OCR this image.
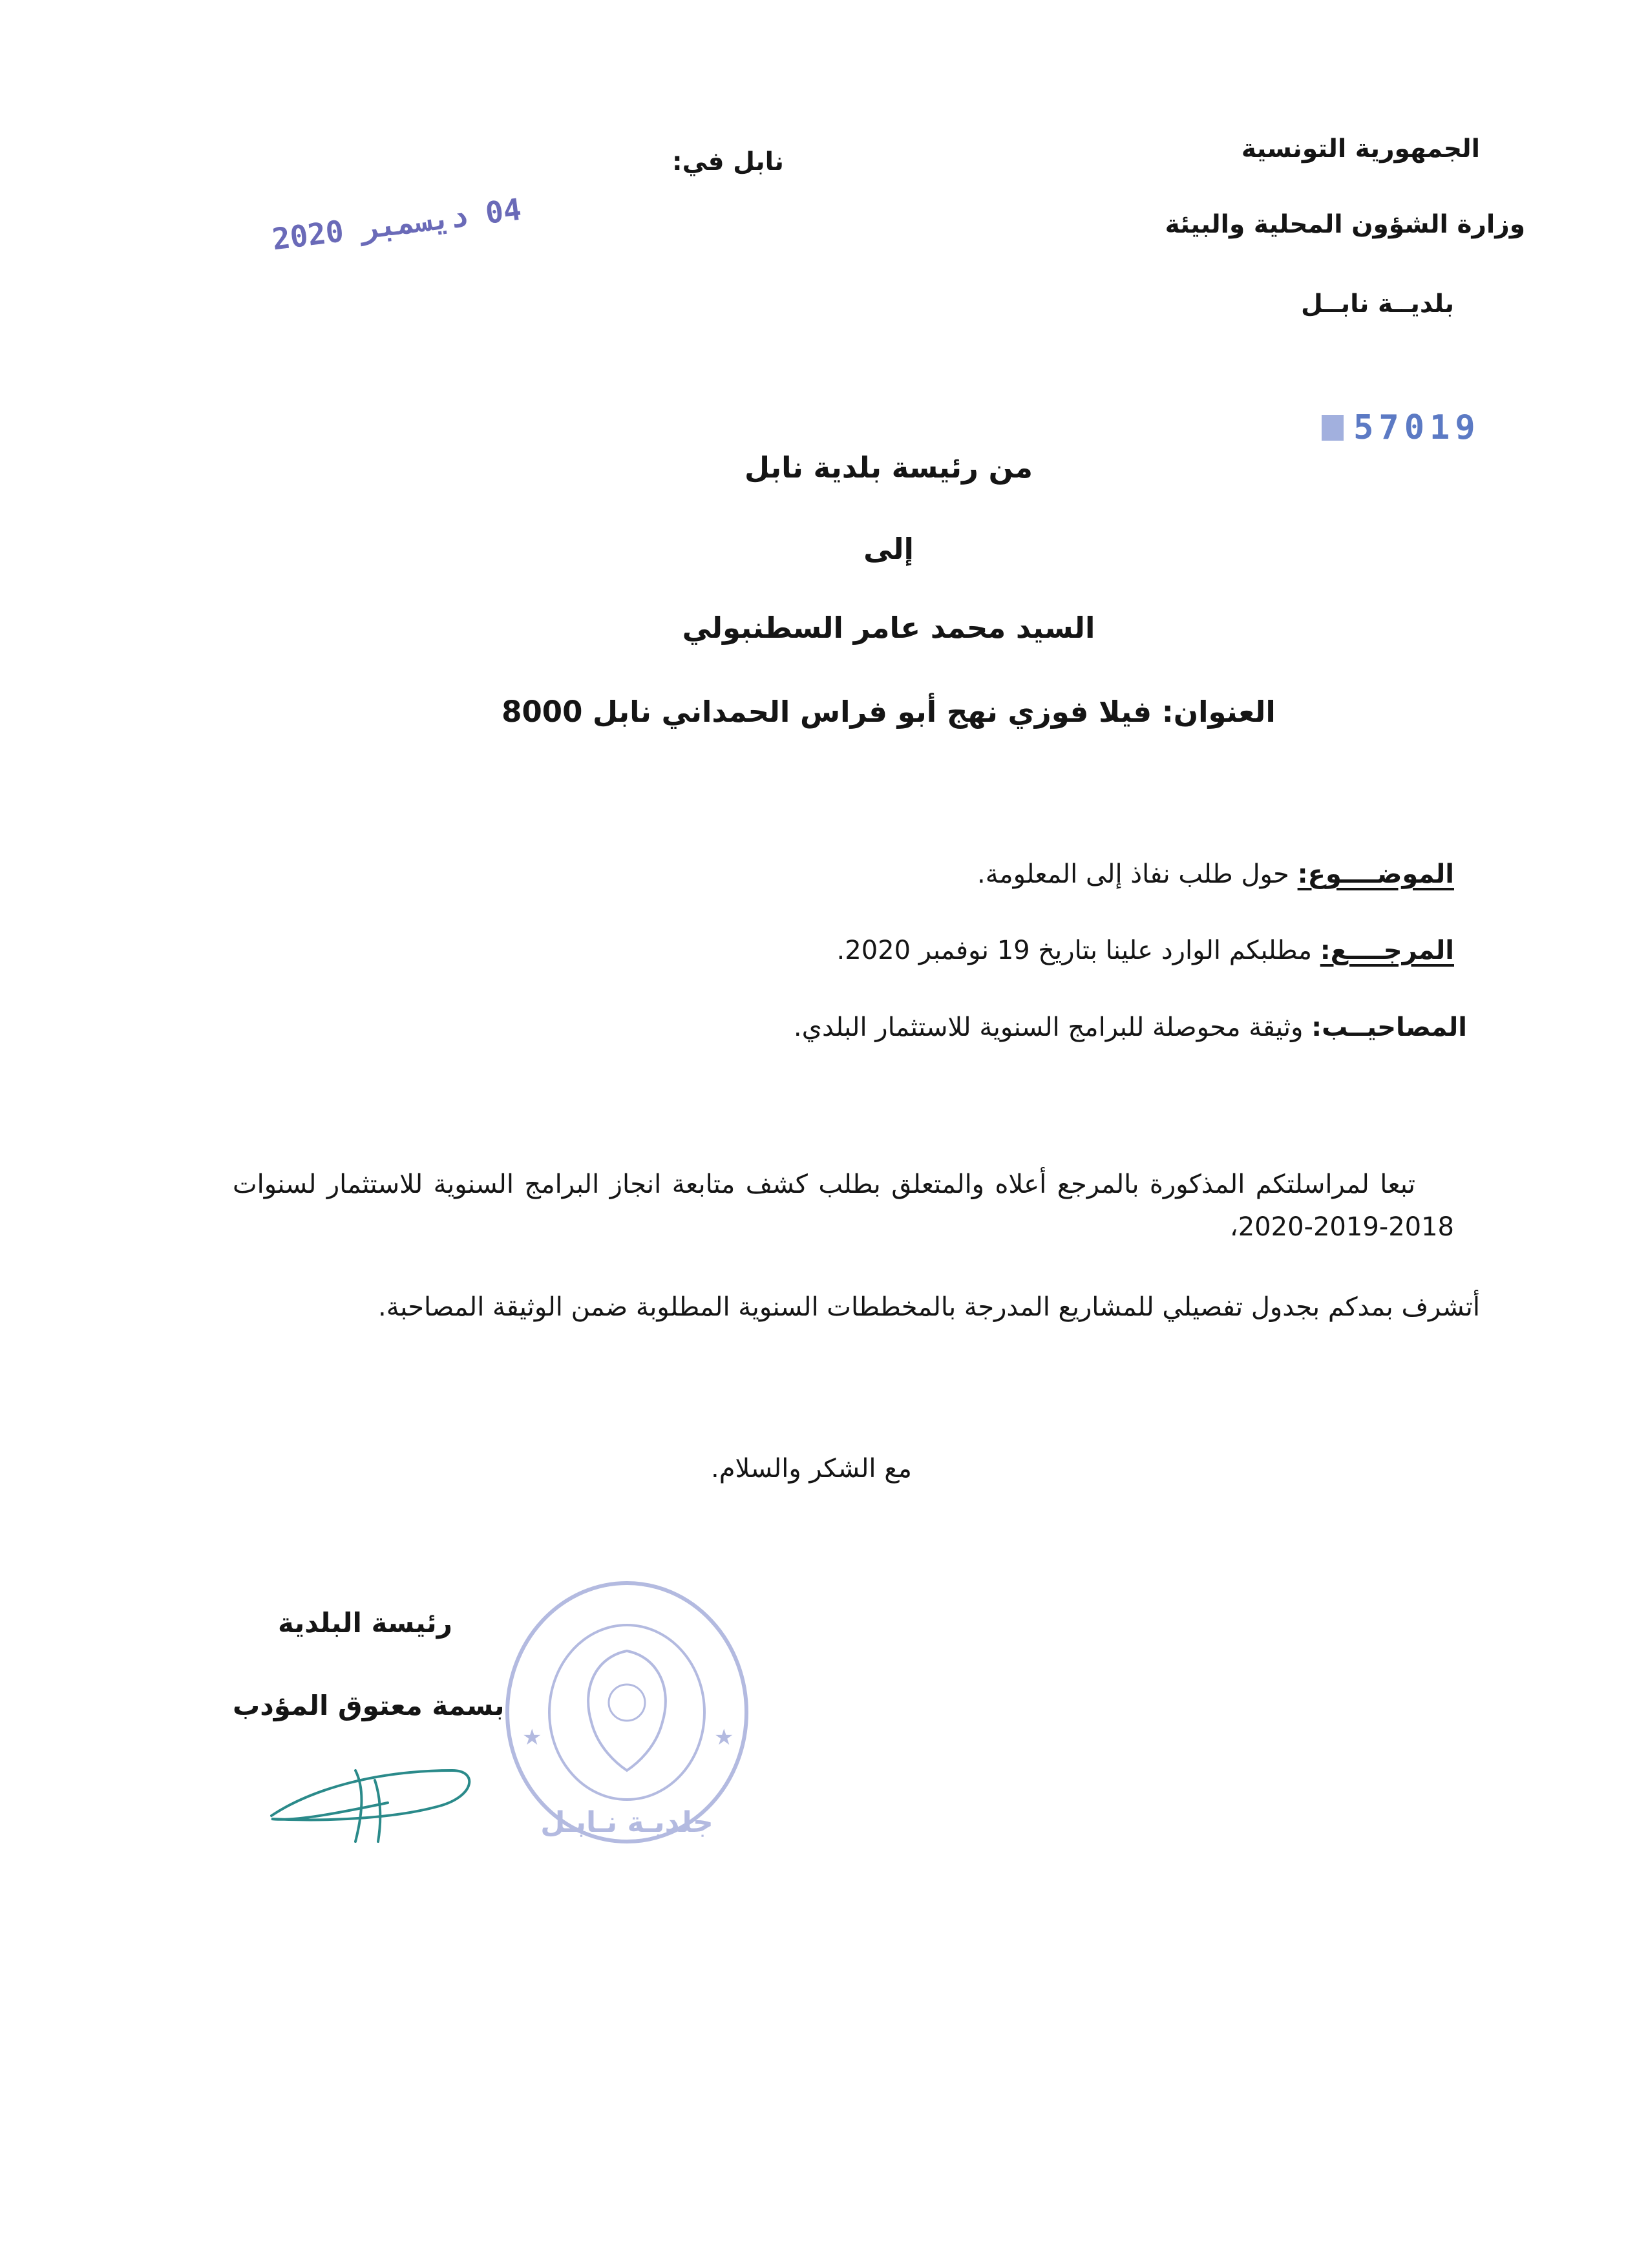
الجمهورية التونسية
وزارة الشؤون المحلية والبيئة
بلديــة نابــل
نابل في:
04 ديسمبر 2020
57019
من رئيسة بلدية نابل
إلى
السيد محمد عامر السطنبولي
العنوان: فيلا فوزي نهج أبو فراس الحمداني نابل 8000
الموضــــوع: حول طلب نفاذ إلى المعلومة.
المرجــــع: مطلبكم الوارد علينا بتاريخ 19 نوفمبر 2020.
المصاحيــب: وثيقة محوصلة للبرامج السنوية للاستثمار البلدي.
تبعا لمراسلتكم المذكورة بالمرجع أعلاه والمتعلق بطلب كشف متابعة انجاز البرامج السنوية للاستثمار لسنوات 2018-2019-2020،
أتشرف بمدكم بجدول تفصيلي للمشاريع المدرجة بالمخططات السنوية المطلوبة ضمن الوثيقة المصاحبة.
مع الشكر والسلام.
رئيسة البلدية
بسمة معتوق المؤدب
جلديـة نـابـل
★	★
